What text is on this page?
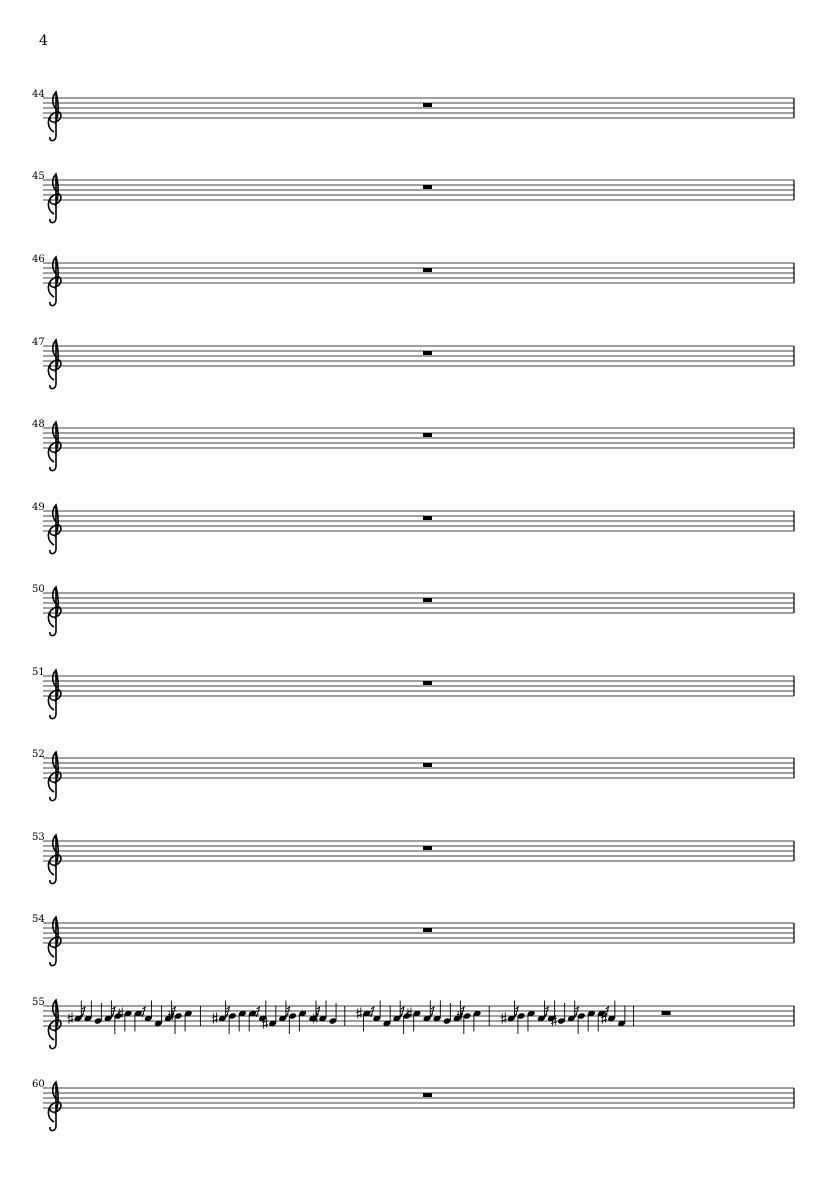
4
44
45
46
47
48
49
50
51
52
53
54
55
60
